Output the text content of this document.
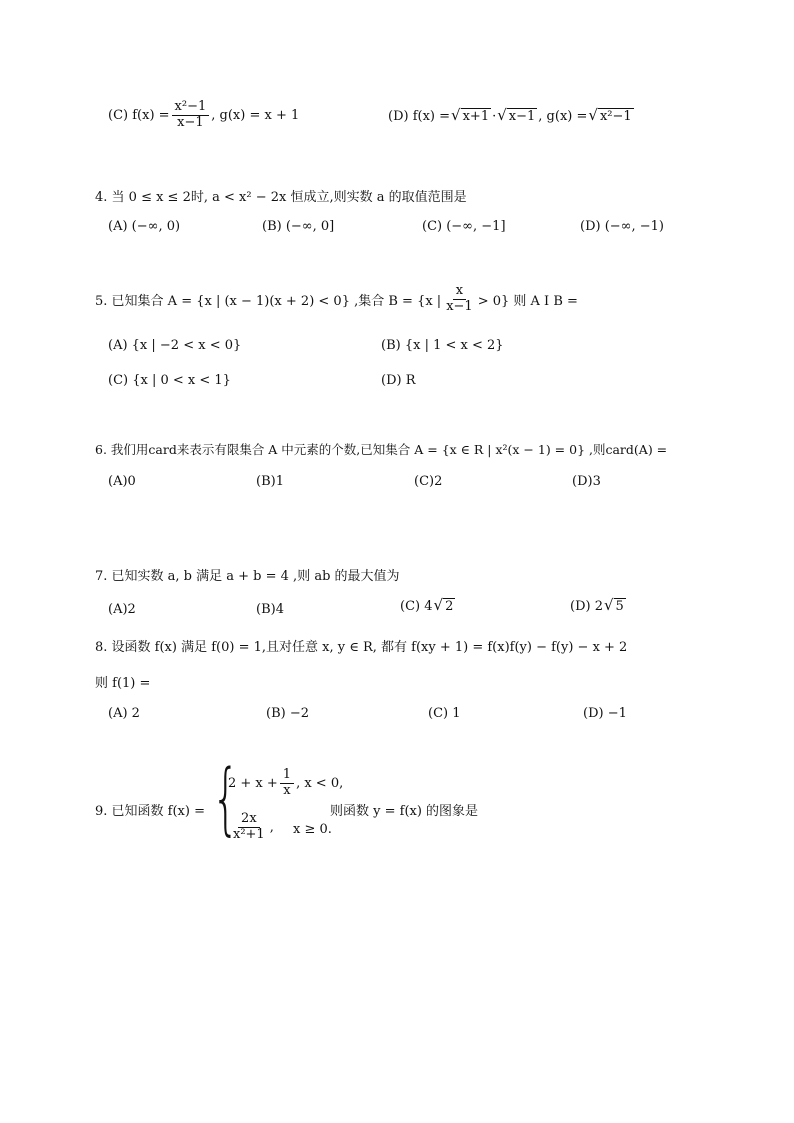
(C)
$f(x) = \frac{\text{x²−1}}{x-1}$ , g(x) = x + 1	(D)
f(x) = √ x+1 · √ x−1 , g(x) = √ x²−1
4. 当 0 ≤ x ≤ 2时, a < x² − 2x 恒成立,则实数 a 的取值范围是
(A) (−∞, 0)	(B) (−∞, 0]	(C) (−∞, −1]	(D) (−∞, −1)
5. 已知集合 A = {x | (x − 1)(x + 2) < 0} ,集合 B = {x | $\frac{x}{x-1} > 0$} 则 A I B =
(A) {x | −2 < x < 0}	(B) {x | 1 < x < 2}
(C) {x | 0 < x < 1}	(D) R
6. 我们用card来表示有限集合 A 中元素的个数,已知集合 A = {x ∈ R | x²(x − 1) = 0} ,则card(A) =
(A)0	(B)1	(C)2	(D)3
7. 已知实数 a, b 满足 a + b = 4 ,则 ab 的最大值为
(A)2	(B)4	(C) 4 √ 2	(D) 2 √ 5
8. 设函数 f(x) 满足 f(0) = 1,且对任意 x, y ∈ R, 都有 f(xy + 1) = f(x)f(y) − f(y) − x + 2
则 f(1) =
(A) 2	(B) −2	(C) 1	(D) −1
9. 已知函数 f(x) = {
$2 + x + \frac{1}{x}$ , x < 0,
$\frac{2x}{\text{x²+1}}$ , x ≥ 0.
则函数 y = f(x) 的图象是
